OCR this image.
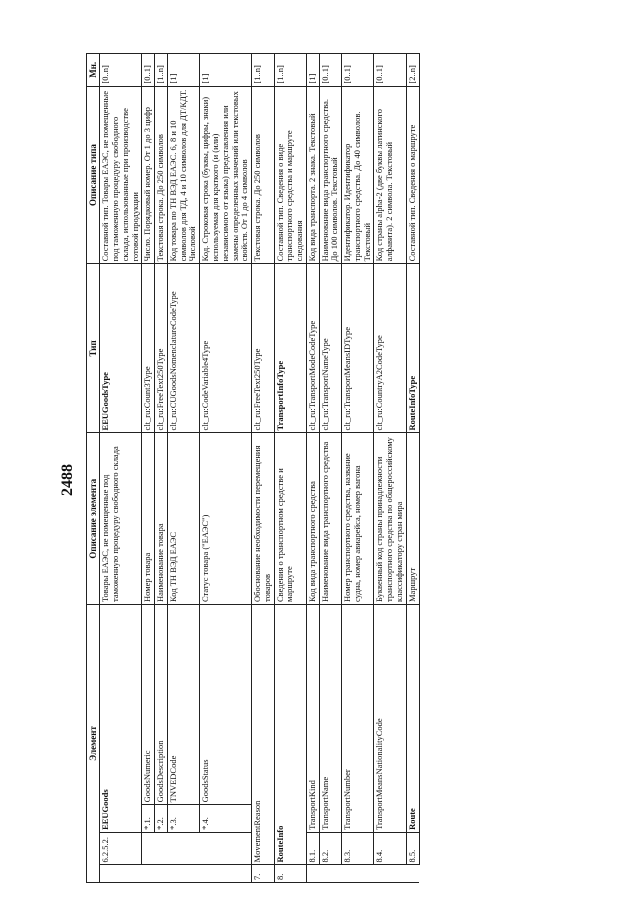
2488
Элемент				Описание элемента	Тип	Описание типа	Мн.
	6.2.5.2.	EEUGoods		Товары ЕАЭС, не помещенные под таможенную процедуру свободного склада	EEUGoodsType	Составной тип. Товары ЕАЭС, не помещенные под таможенную процедуру свободного склада, использованные при производстве готовой продукции	[0..n]
		*.1.	GoodsNumeric	Номер товара	clt_ru:Count3Type	Число. Порядковый номер. От 1 до 3 цифр	[0..1]
		*.2.	GoodsDescription	Наименование товара	clt_ru:FreeText250Type	Текстовая строка. До 250 символов	[1..n]
		*.3.	TNVEDCode	Код ТН ВЭД ЕАЭС	clt_ru:CUGoodsNomenclatureCodeType	Код товара по ТН ВЭД ЕАЭС. 6, 8 и 10 символов для ТД, 4 и 10 символов для ДТ/КДТ. Числовой	[1]
		*.4.	GoodsStatus	Статус товара ("ЕАЭС")	clt_ru:CodeVariable4Type	Код. Строковая строка (буквы, цифры, знаки) используемая для краткого (и (или) независимого от языка) представления или замены определенных значений или текстовых свойств. От 1 до 4 символов	[1]
7.	MovementReason			Обоснование необходимости перемещения товаров	clt_ru:FreeText250Type	Текстовая строка. До 250 символов	[1..n]
8.	RouteInfo			Сведения о транспортном средстве и маршруте	TransportInfoType	Составной тип. Сведения о виде транспортного средства и маршруте следования	[1..n]
	8.1.	TransportKind		Код вида транспортного средства	clt_ru:TransportModeCodeType	Код вида транспорта. 2 знака. Текстовый	[1]
	8.2.	TransportName		Наименование вида транспортного средства	clt_ru:TransportNameType	Наименование вида транспортного средства. До 100 символов. Текстовый	[0..1]
	8.3.	TransportNumber		Номер транспортного средства, название судна, номер авиарейса, номер вагона	clt_ru:TransportMeansIDType	Идентификатор. Идентификатор транспортного средства. До 40 символов. Текстовый	[0..1]
	8.4.	TransportMeansNationalityCode		Буквенный код страны принадлежности транспортного средства по общероссийскому классификатору стран мира	clt_ru:CountryA2CodeType	Код страны alpha-2 (две буквы латинского алфавита). 2 символа. Текстовый	[0..1]
	8.5.	Route		Маршрут	RouteInfoType	Составной тип. Сведения о маршруте	[2..n]
